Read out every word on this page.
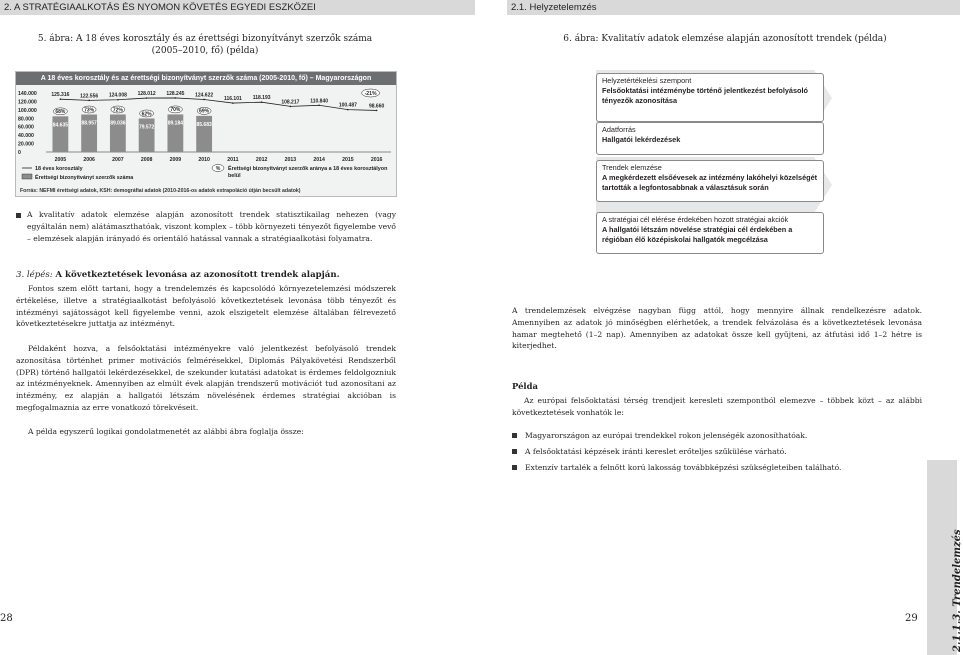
2. A STRATÉGIAALKOTÁS ÉS NYOMON KÖVETÉS EGYEDI ESZKÖZEI	2.1. Helyzetelemzés
5. ábra: A 18 éves korosztály és az érettségi bizonyítványt szerzők száma
(2005–2010, fő) (példa)
A 18 éves korosztály és az érettségi bizonyítványt szerzők száma (2005-2010, fő) – Magyarországon
140.000
120.000
100.000
80.000
60.000
40.000
20.000
0
84.635	88.957	89.036
79.572
89.184	85.683
125.316 122.556 124.008 128.012 128.245 124.622
116.101 118.193
108.217 110.840
100.487 98.660
68%	73%	72%
62%
70%	69%
-21%
2005	2006	2007	2008	2009	2010	2011	2012	2013	2014	2015	2016
18 éves korosztály
Érettségi bizonyítványt szerzők száma
% Érettségi bizonyítványt szerzők aránya a 18 éves korosztályon
belül
Forrás: NEFMI érettségi adatok, KSH: demográfiai adatok (2010-2016-os adatok extrapoláció útján becsült adatok)
A kvalitatív adatok elemzése alapján azonosított trendek statisztikailag nehezen (vagy egyáltalán nem) alátámaszthatóak, viszont komplex – több környezeti tényezőt figyelembe vevő – elemzések alapján irányadó és orientáló hatással vannak a stratégiaalkotási folyamatra.
3. lépés: A következtetések levonása az azonosított trendek alapján.
Fontos szem előtt tartani, hogy a trendelemzés és kapcsolódó környezetelemzési módszerek értékelése, illetve a stratégiaalkotást befolyásoló következtetések levonása több tényezőt és intézményi sajátosságot kell figyelembe venni, azok elszigetelt elemzése általában félrevezető következtetésekre juttatja az intézményt.
Példaként hozva, a felsőoktatási intézményekre való jelentkezést befolyásoló trendek azonosítása történhet primer motivációs felmérésekkel, Diplomás Pályakövetési Rendszerből (DPR) történő hallgatói lekérdezésekkel, de szekunder kutatási adatokat is érdemes feldolgozniuk az intézményeknek. Amennyiben az elmúlt évek alapján trendszerű motivációt tud azonosítani az intézmény, ez alapján a hallgatói létszám növelésének érdemes stratégiai akcióban is megfogalmaznia az erre vonatkozó törekvéseit.
A példa egyszerű logikai gondolatmenetét az alábbi ábra foglalja össze:
6. ábra: Kvalitatív adatok elemzése alapján azonosított trendek (példa)
Helyzetértékelési szempont
Felsőoktatási intézménybe történő jelentkezést befolyásoló tényezők azonosítása
Adatforrás
Hallgatói lekérdezések
Trendek elemzése
A megkérdezett elsőévesek az intézmény lakóhelyi közelségét tartották a legfontosabbnak a választásuk során
A stratégiai cél elérése érdekében hozott stratégiai akciók
A hallgatói létszám növelése stratégiai cél érdekében a régióban élő középiskolai hallgatók megcélzása
A trendelemzések elvégzése nagyban függ attól, hogy mennyire állnak rendelkezésre adatok. Amennyiben az adatok jó minőségben elérhetőek, a trendek felvázolása és a következtetések levonása hamar megtehető (1–2 nap). Amennyiben az adatokat össze kell gyűjteni, az átfutási idő 1–2 hétre is kiterjedhet.
Példa
Az európai felsőoktatási térség trendjeit keresleti szempontból elemezve – többek közt – az alábbi következtetések vonhatók le:
Magyarországon az európai trendekkel rokon jelenségék azonosíthatóak.
A felsőoktatási képzések iránti kereslet erőteljes szűkülése várható.
Extenzív tartalék a felnőtt korú lakosság továbbképzési szükségleteiben található.
28	29	2.1.1.3. Trendelemzés
